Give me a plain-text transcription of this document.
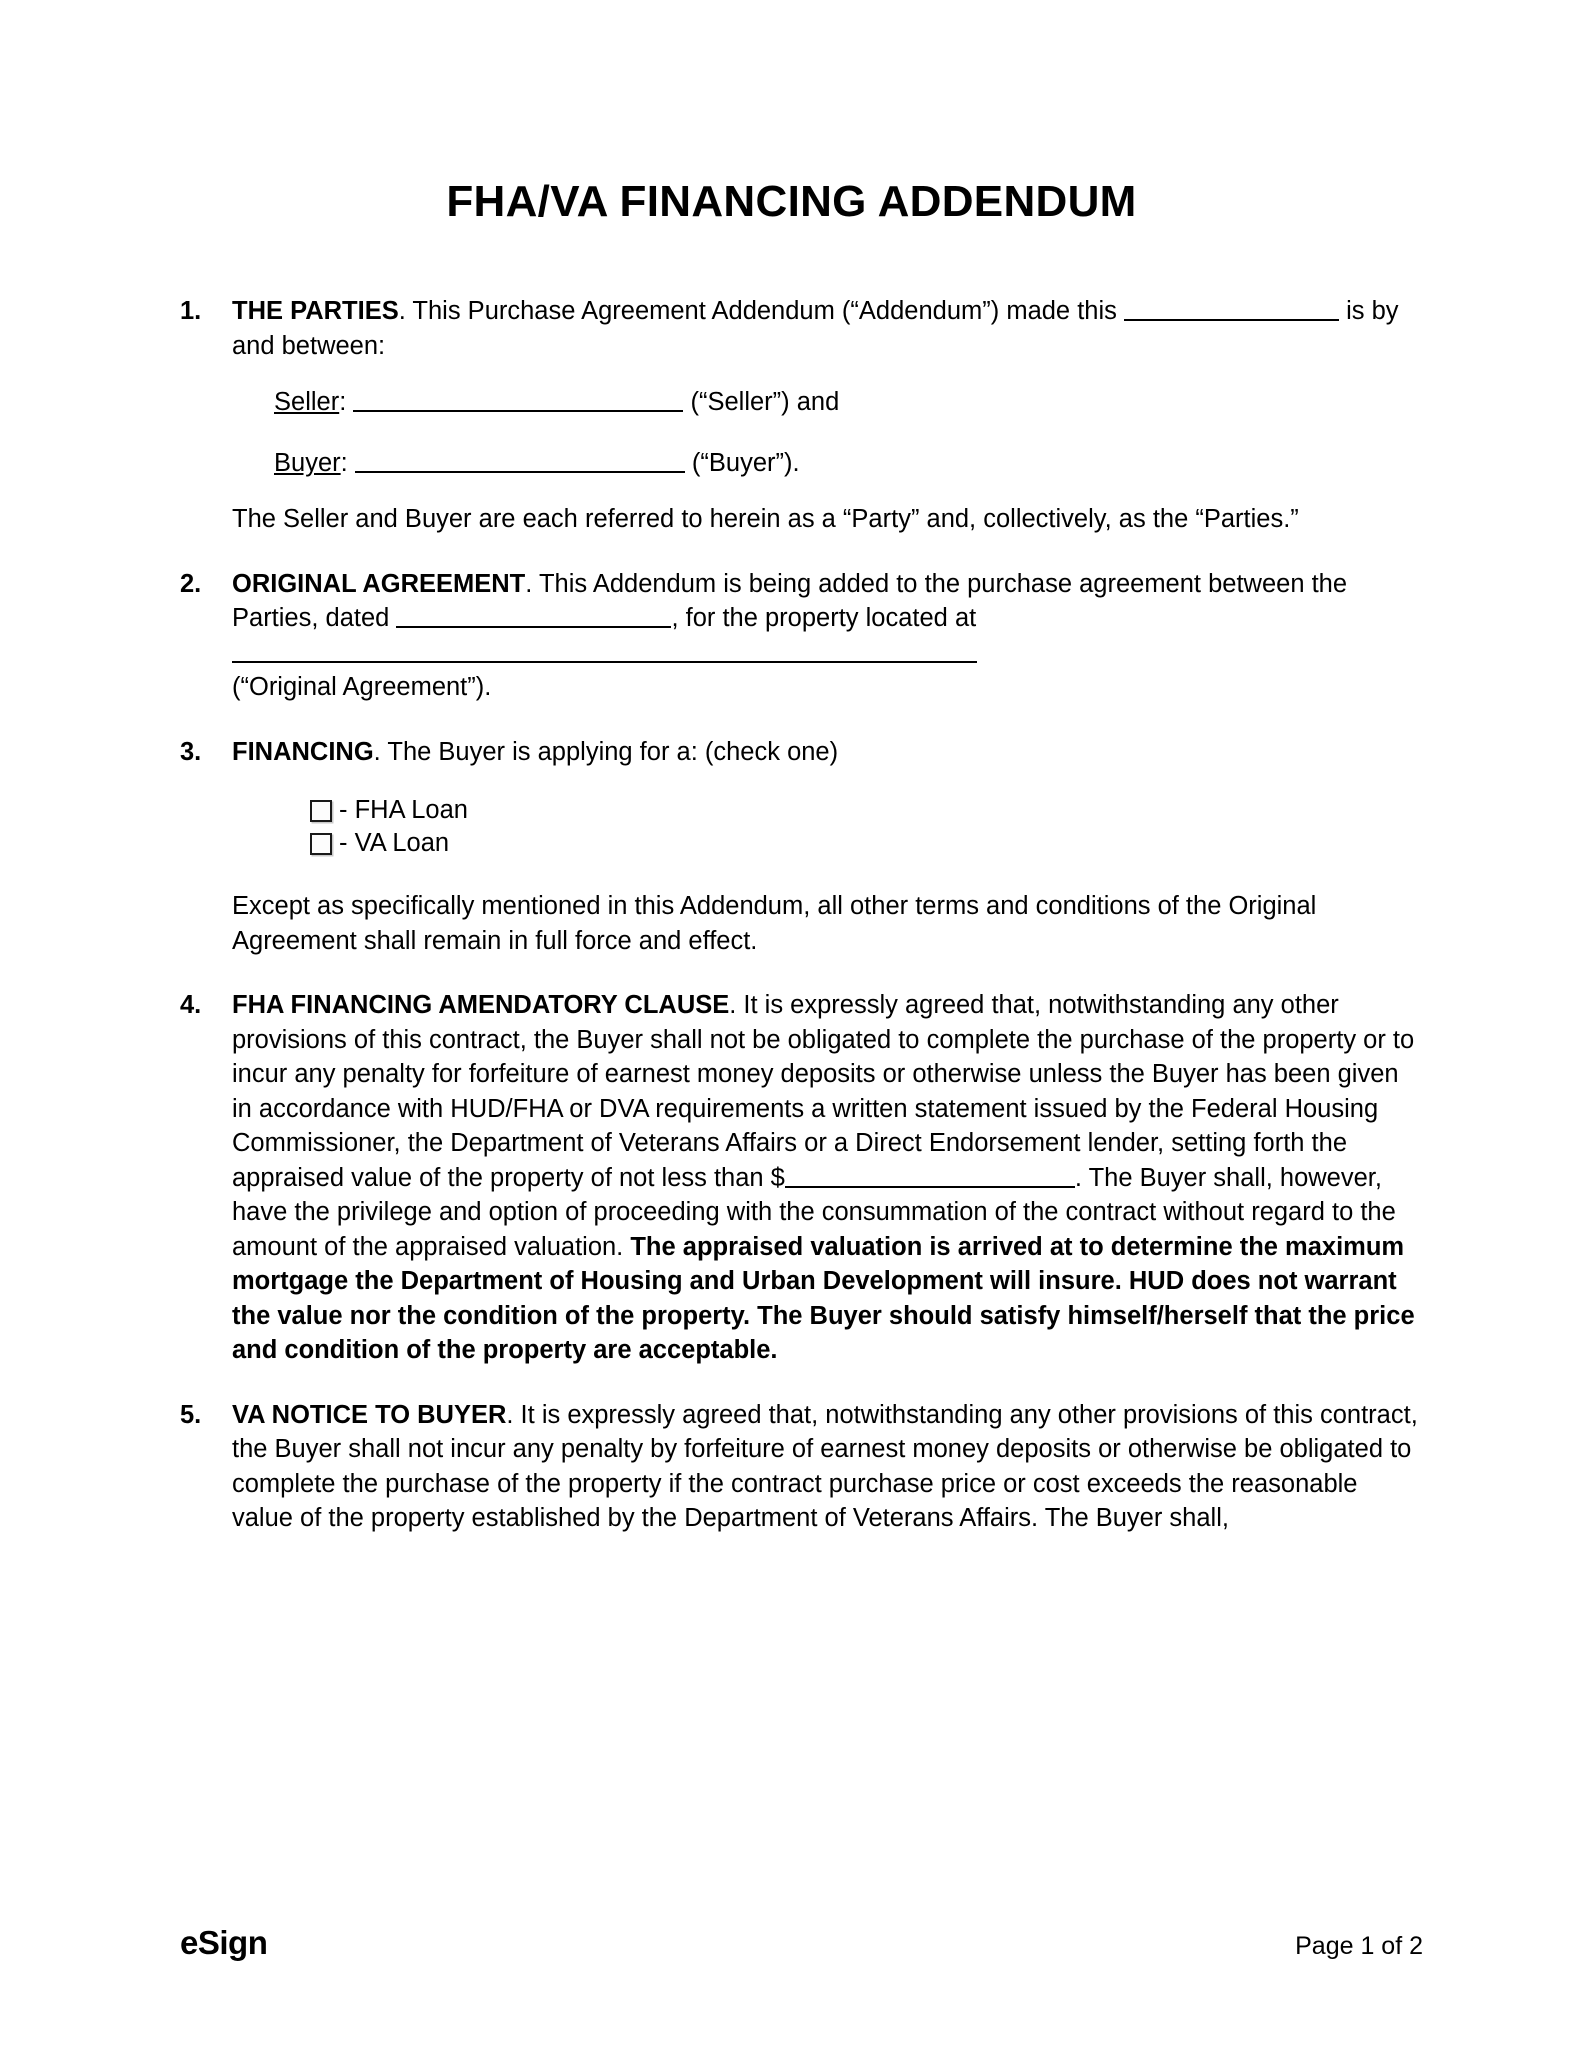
FHA/VA FINANCING ADDENDUM
1.	THE PARTIES. This Purchase Agreement Addendum (“Addendum”) made this	is by and between:
Seller:	(“Seller”) and
Buyer:	(“Buyer”).
The Seller and Buyer are each referred to herein as a “Party” and, collectively, as the “Parties.”
2.	ORIGINAL AGREEMENT. This Addendum is being added to the purchase agreement between the Parties, dated	, for the property located at
(“Original Agreement”).
3.	FINANCING. The Buyer is applying for a: (check one)
- FHA Loan
- VA Loan
Except as specifically mentioned in this Addendum, all other terms and conditions of the Original Agreement shall remain in full force and effect.
4.	FHA FINANCING AMENDATORY CLAUSE. It is expressly agreed that, notwithstanding any other provisions of this contract, the Buyer shall not be obligated to complete the purchase of the property or to incur any penalty for forfeiture of earnest money deposits or otherwise unless the Buyer has been given in accordance with HUD/FHA or DVA requirements a written statement issued by the Federal Housing Commissioner, the Department of Veterans Affairs or a Direct Endorsement lender, setting forth the appraised value of the property of not less than $	. The Buyer shall, however, have the privilege and option of proceeding with the consummation of the contract without regard to the amount of the appraised valuation. The appraised valuation is arrived at to determine the maximum mortgage the Department of Housing and Urban Development will insure. HUD does not warrant the value nor the condition of the property. The Buyer should satisfy himself/herself that the price and condition of the property are acceptable.
5.	VA NOTICE TO BUYER. It is expressly agreed that, notwithstanding any other provisions of this contract, the Buyer shall not incur any penalty by forfeiture of earnest money deposits or otherwise be obligated to complete the purchase of the property if the contract purchase price or cost exceeds the reasonable value of the property established by the Department of Veterans Affairs. The Buyer shall,
eSign	Page 1 of 2
